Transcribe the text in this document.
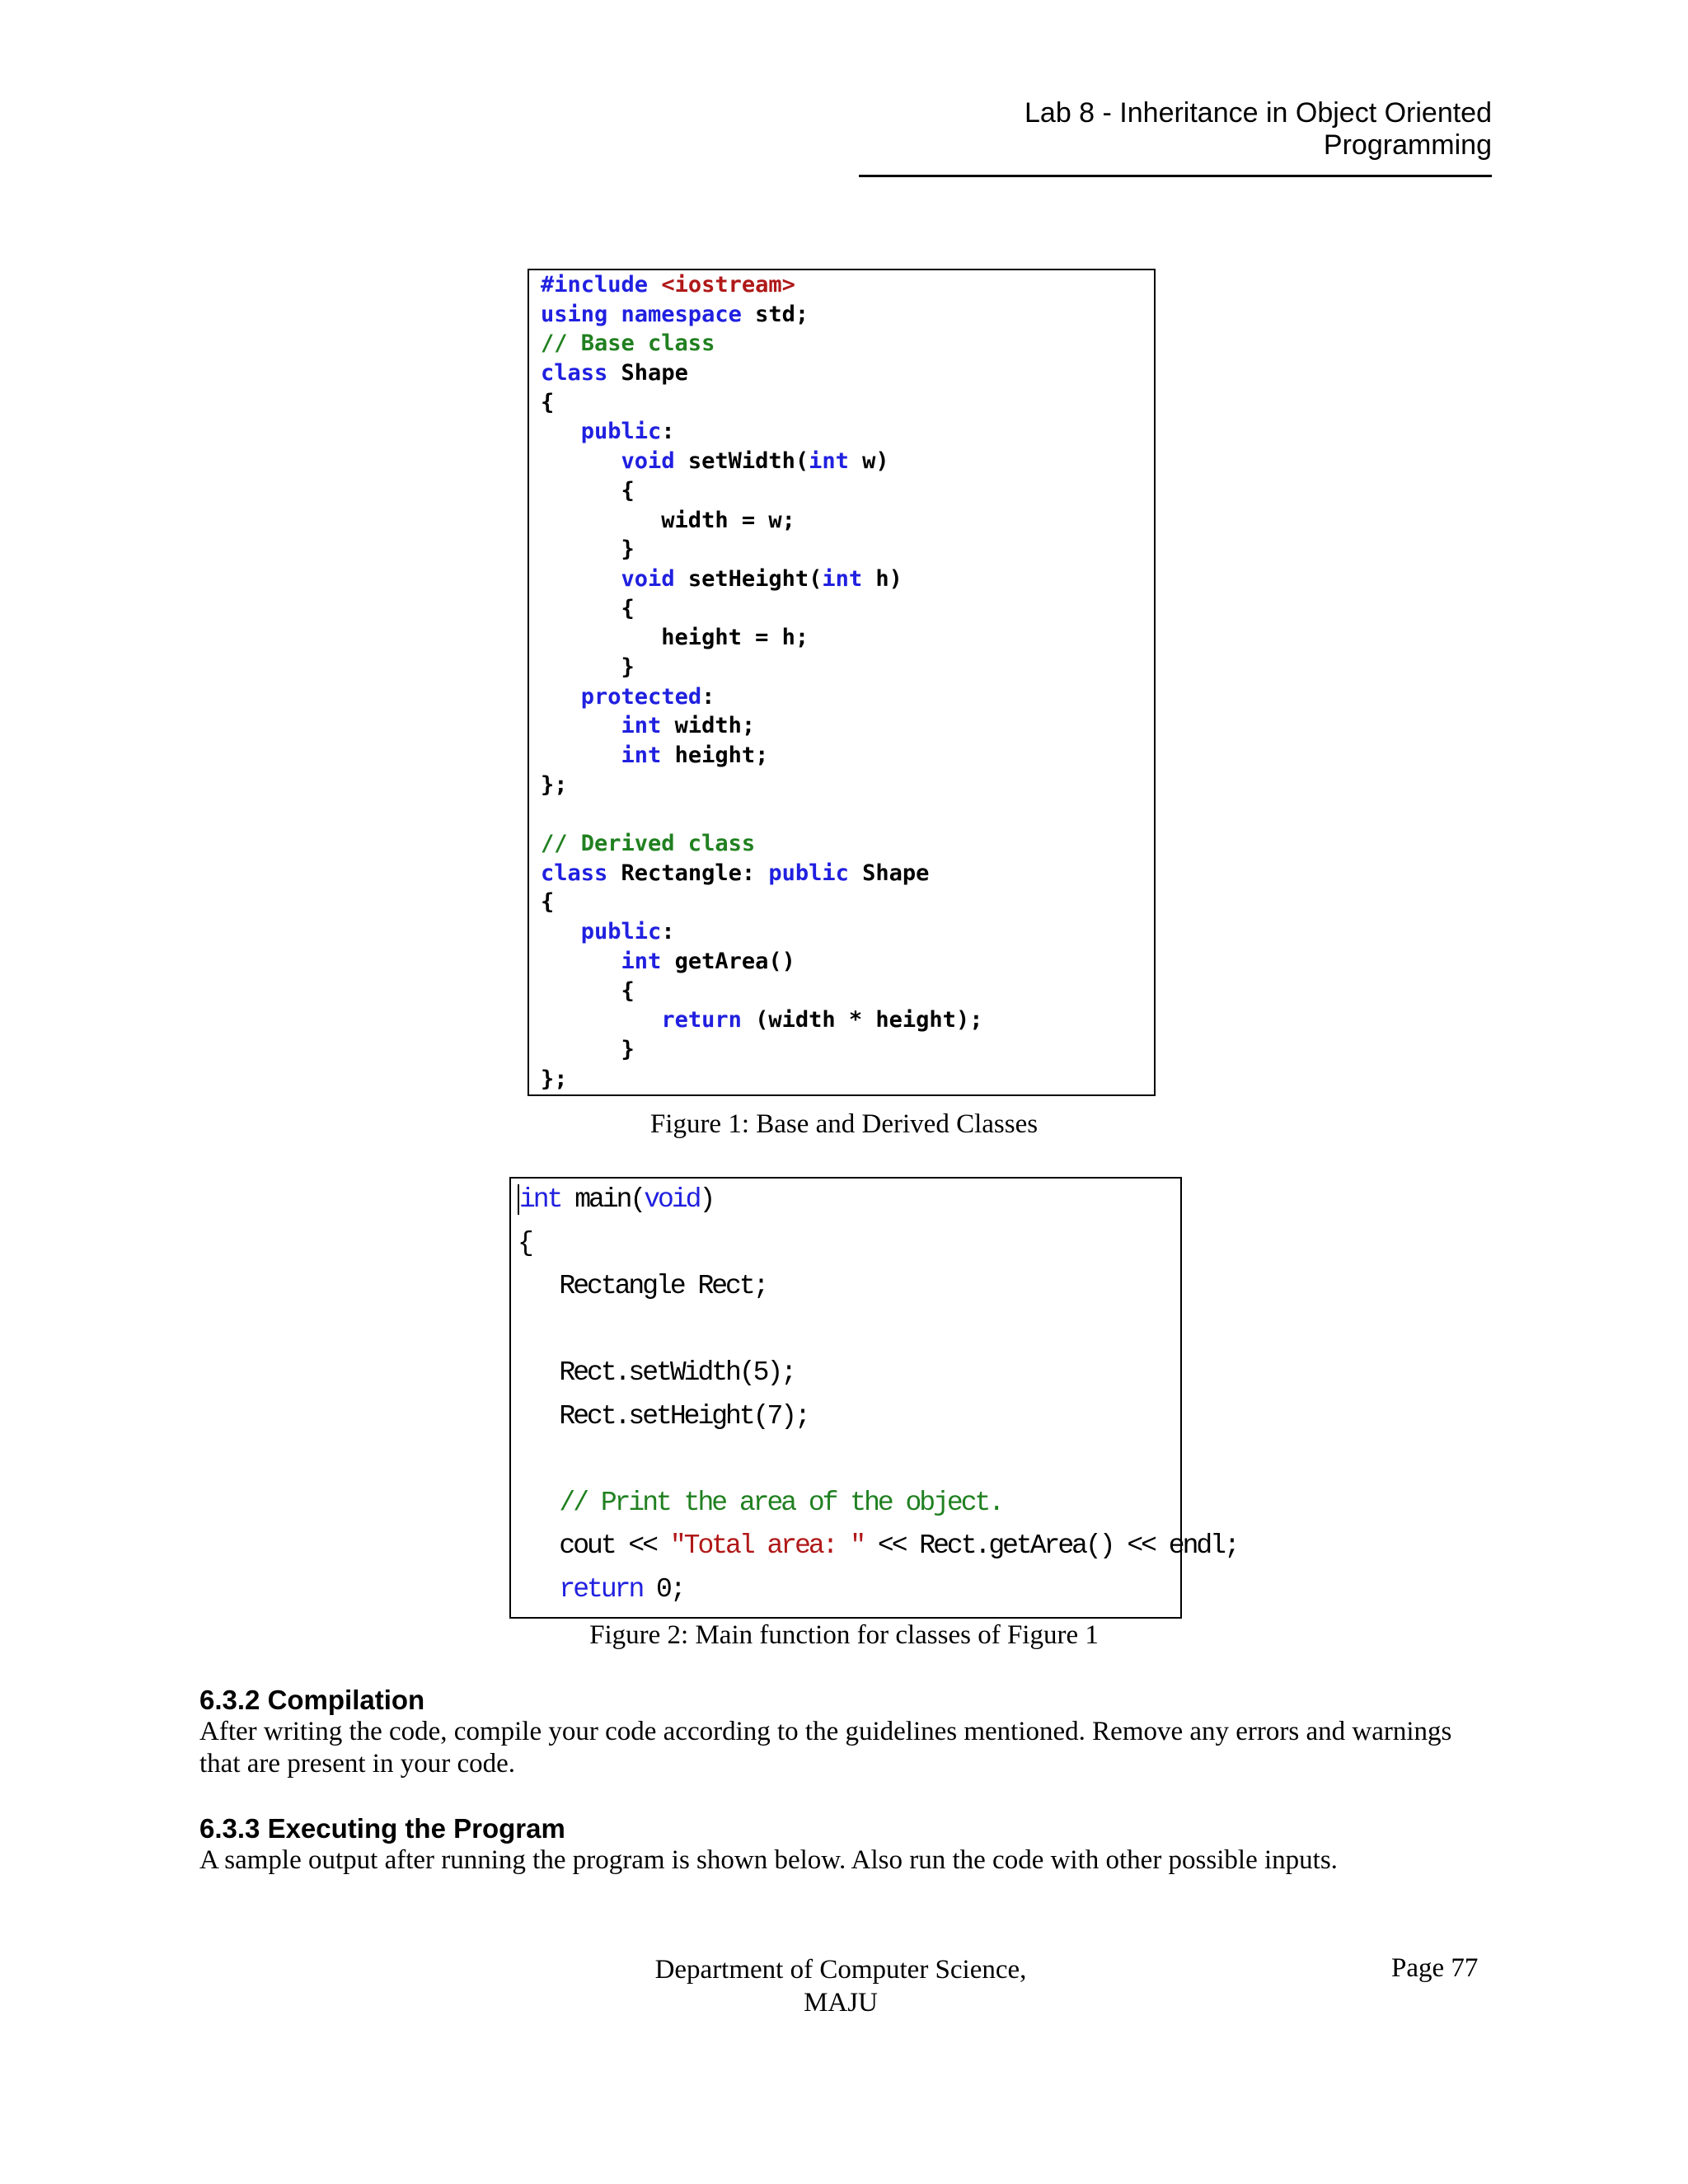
Lab 8 - Inheritance in Object Oriented Programming
#include <iostream>
using namespace std;
// Base class
class Shape
{
public:
void setWidth(int w)
{
width = w;
}
void setHeight(int h)
{
height = h;
}
protected:
int width;
int height;
};
// Derived class
class Rectangle: public Shape
{
public:
int getArea()
{
return (width * height);
}
};
Figure 1: Base and Derived Classes
int main(void)
{
Rectangle Rect;
Rect.setWidth(5);
Rect.setHeight(7);
// Print the area of the object.
cout << "Total area: " << Rect.getArea() << endl;
return 0;
Figure 2: Main function for classes of Figure 1
6.3.2 Compilation
After writing the code, compile your code according to the guidelines mentioned. Remove any errors and warnings that are present in your code.
6.3.3 Executing the Program
A sample output after running the program is shown below. Also run the code with other possible inputs.
Department of Computer Science,
MAJU
Page 77
